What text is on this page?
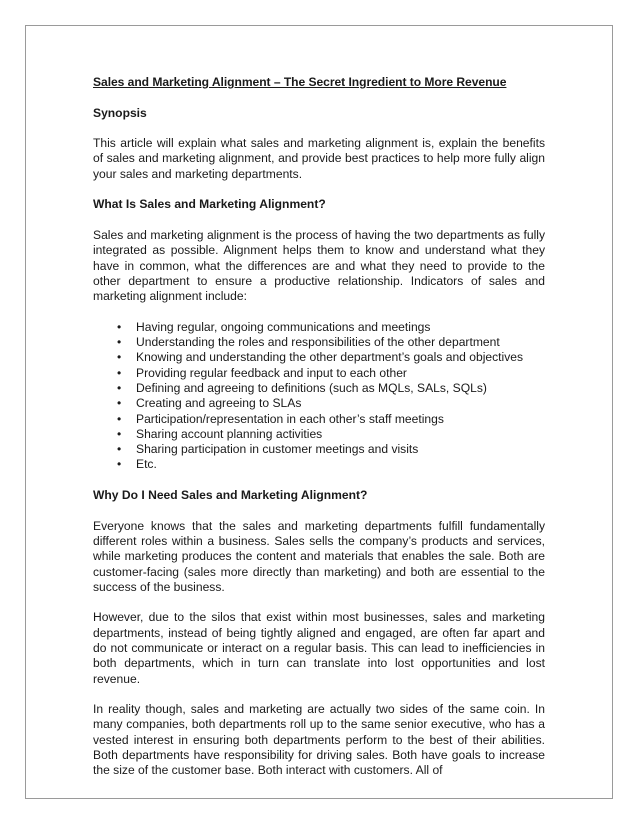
Sales and Marketing Alignment – The Secret Ingredient to More Revenue
Synopsis
This article will explain what sales and marketing alignment is, explain the benefits of sales and marketing alignment, and provide best practices to help more fully align your sales and marketing departments.
What Is Sales and Marketing Alignment?
Sales and marketing alignment is the process of having the two departments as fully integrated as possible. Alignment helps them to know and understand what they have in common, what the differences are and what they need to provide to the other department to ensure a productive relationship. Indicators of sales and marketing alignment include:
• Having regular, ongoing communications and meetings
• Understanding the roles and responsibilities of the other department
• Knowing and understanding the other department’s goals and objectives
• Providing regular feedback and input to each other
• Defining and agreeing to definitions (such as MQLs, SALs, SQLs)
• Creating and agreeing to SLAs
• Participation/representation in each other’s staff meetings
• Sharing account planning activities
• Sharing participation in customer meetings and visits
• Etc.
Why Do I Need Sales and Marketing Alignment?
Everyone knows that the sales and marketing departments fulfill fundamentally different roles within a business. Sales sells the company’s products and services, while marketing produces the content and materials that enables the sale. Both are customer-facing (sales more directly than marketing) and both are essential to the success of the business.
However, due to the silos that exist within most businesses, sales and marketing departments, instead of being tightly aligned and engaged, are often far apart and do not communicate or interact on a regular basis. This can lead to inefficiencies in both departments, which in turn can translate into lost opportunities and lost revenue.
In reality though, sales and marketing are actually two sides of the same coin. In many companies, both departments roll up to the same senior executive, who has a vested interest in ensuring both departments perform to the best of their abilities. Both departments have responsibility for driving sales. Both have goals to increase the size of the customer base. Both interact with customers. All of
